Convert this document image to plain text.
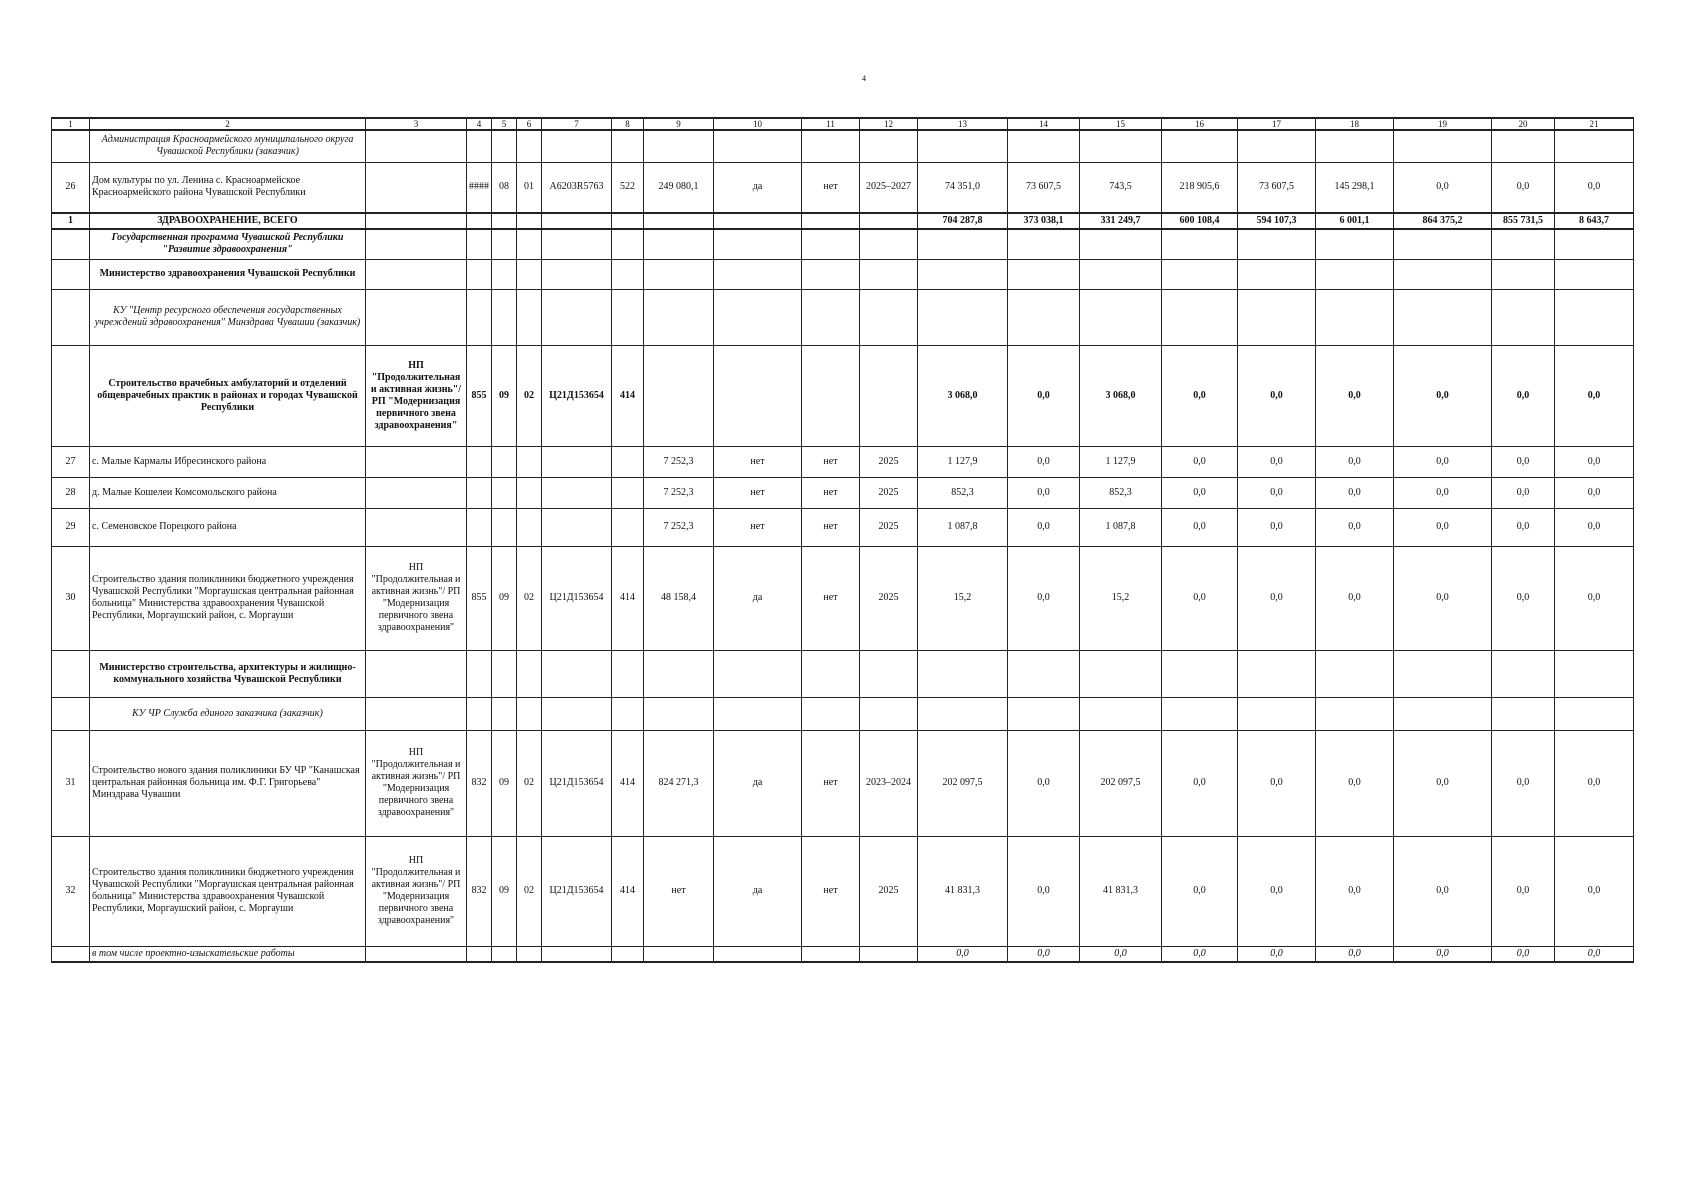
4
1	2	3	4	5	6	7	8	9	10	11	12	13	14	15	16	17	18	19	20	21
	Администрация Красноармейского муниципального округа Чувашской Республики (заказчик)																			
26	Дом культуры по ул. Ленина с. Красноармейское Красноармейского района Чувашской Республики		####	08	01	А6203R5763	522	249 080,1	да	нет	2025–2027	74 351,0	73 607,5	743,5	218 905,6	73 607,5	145 298,1	0,0	0,0	0,0
1	ЗДРАВООХРАНЕНИЕ, ВСЕГО											704 287,8	373 038,1	331 249,7	600 108,4	594 107,3	6 001,1	864 375,2	855 731,5	8 643,7
	Государственная программа Чувашской Республики "Развитие здравоохранения"																			
	Министерство здравоохранения Чувашской Республики																			
	КУ "Центр ресурсного обеспечения государственных учреждений здравоохранения" Минздрава Чувашии (заказчик)																			
	Строительство врачебных амбулаторий и отделений общеврачебных практик в районах и городах Чувашской Республики	НП "Продолжительная и активная жизнь"/ РП "Модернизация первичного звена здравоохранения"	855	09	02	Ц21Д153654	414					3 068,0	0,0	3 068,0	0,0	0,0	0,0	0,0	0,0	0,0
27	с. Малые Кармалы Ибресинского района							7 252,3	нет	нет	2025	1 127,9	0,0	1 127,9	0,0	0,0	0,0	0,0	0,0	0,0
28	д. Малые Кошелеи Комсомольского района							7 252,3	нет	нет	2025	852,3	0,0	852,3	0,0	0,0	0,0	0,0	0,0	0,0
29	с. Семеновское Порецкого района							7 252,3	нет	нет	2025	1 087,8	0,0	1 087,8	0,0	0,0	0,0	0,0	0,0	0,0
30	Строительство здания поликлиники бюджетного учреждения Чувашской Республики "Моргаушская центральная районная больница" Министерства здравоохранения Чувашской Республики, Моргаушский район, с. Моргауши	НП "Продолжительная и активная жизнь"/ РП "Модернизация первичного звена здравоохранения"	855	09	02	Ц21Д153654	414	48 158,4	да	нет	2025	15,2	0,0	15,2	0,0	0,0	0,0	0,0	0,0	0,0
	Министерство строительства, архитектуры и жилищно-коммунального хозяйства Чувашской Республики																			
	КУ ЧР Служба единого заказчика (заказчик)																			
31	Строительство нового здания поликлиники БУ ЧР "Канашская центральная районная больница им. Ф.Г. Григорьева" Минздрава Чувашии	НП "Продолжительная и активная жизнь"/ РП "Модернизация первичного звена здравоохранения"	832	09	02	Ц21Д153654	414	824 271,3	да	нет	2023–2024	202 097,5	0,0	202 097,5	0,0	0,0	0,0	0,0	0,0	0,0
32	Строительство здания поликлиники бюджетного учреждения Чувашской Республики "Моргаушская центральная районная больница" Министерства здравоохранения Чувашской Республики, Моргаушский район, с. Моргауши	НП "Продолжительная и активная жизнь"/ РП "Модернизация первичного звена здравоохранения"	832	09	02	Ц21Д153654	414	нет	да	нет	2025	41 831,3	0,0	41 831,3	0,0	0,0	0,0	0,0	0,0	0,0
	в том числе проектно-изыскательские работы											0,0	0,0	0,0	0,0	0,0	0,0	0,0	0,0	0,0
